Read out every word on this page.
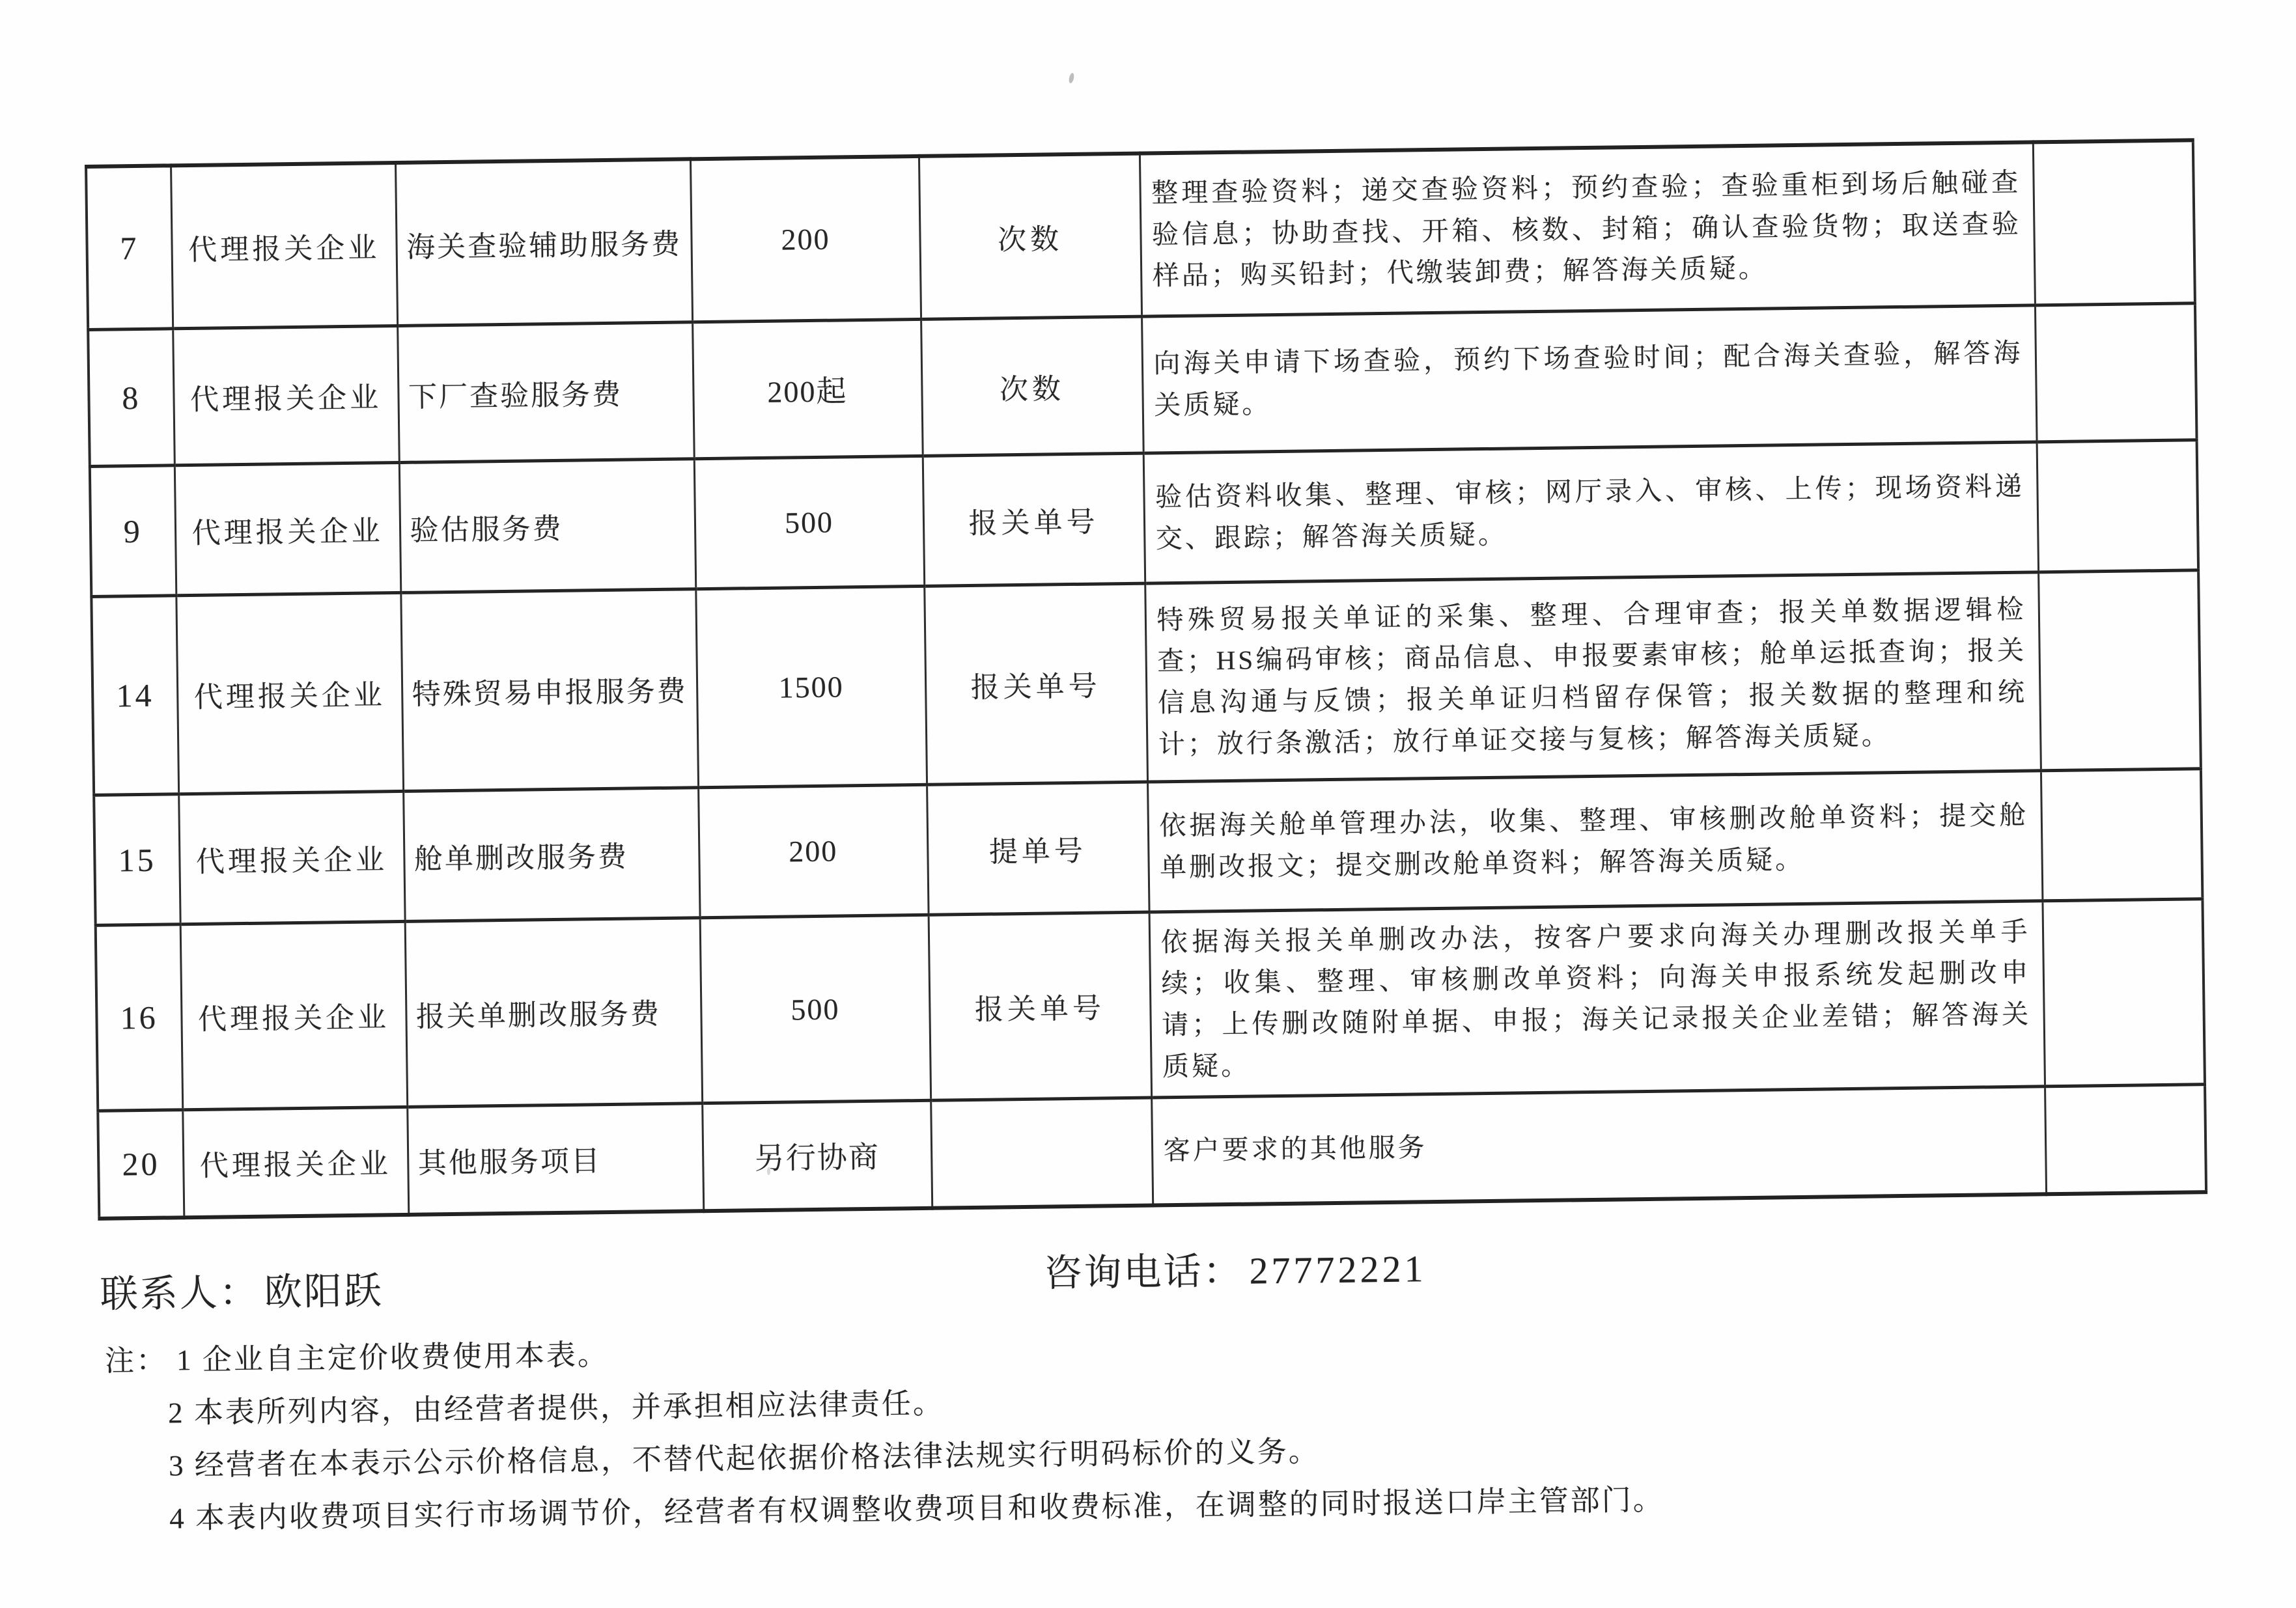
7	代理报关企业	海关查验辅助服务费	200	次数	整理查验资料；递交查验资料；预约查验；查验重柜到场后触碰查验信息；协助查找、开箱、核数、封箱；确认查验货物；取送查验样品；购买铅封；代缴装卸费；解答海关质疑。	
8	代理报关企业	下厂查验服务费	200起	次数	向海关申请下场查验，预约下场查验时间；配合海关查验，解答海关质疑。	
9	代理报关企业	验估服务费	500	报关单号	验估资料收集、整理、审核；网厅录入、审核、上传；现场资料递交、跟踪；解答海关质疑。	
14	代理报关企业	特殊贸易申报服务费	1500	报关单号	特殊贸易报关单证的采集、整理、合理审查；报关单数据逻辑检查；HS编码审核；商品信息、申报要素审核；舱单运抵查询；报关信息沟通与反馈；报关单证归档留存保管；报关数据的整理和统计；放行条激活；放行单证交接与复核；解答海关质疑。	
15	代理报关企业	舱单删改服务费	200	提单号	依据海关舱单管理办法，收集、整理、审核删改舱单资料；提交舱单删改报文；提交删改舱单资料；解答海关质疑。	
16	代理报关企业	报关单删改服务费	500	报关单号	依据海关报关单删改办法，按客户要求向海关办理删改报关单手续；收集、整理、审核删改单资料；向海关申报系统发起删改申请；上传删改随附单据、申报；海关记录报关企业差错；解答海关质疑。	
20	代理报关企业	其他服务项目	另行协商		客户要求的其他服务	
联系人： 欧阳跃	咨询电话： 27772221
注： 1 企业自主定价收费使用本表。
2 本表所列内容，由经营者提供，并承担相应法律责任。
3 经营者在本表示公示价格信息，不替代起依据价格法律法规实行明码标价的义务。
4 本表内收费项目实行市场调节价，经营者有权调整收费项目和收费标准，在调整的同时报送口岸主管部门。
